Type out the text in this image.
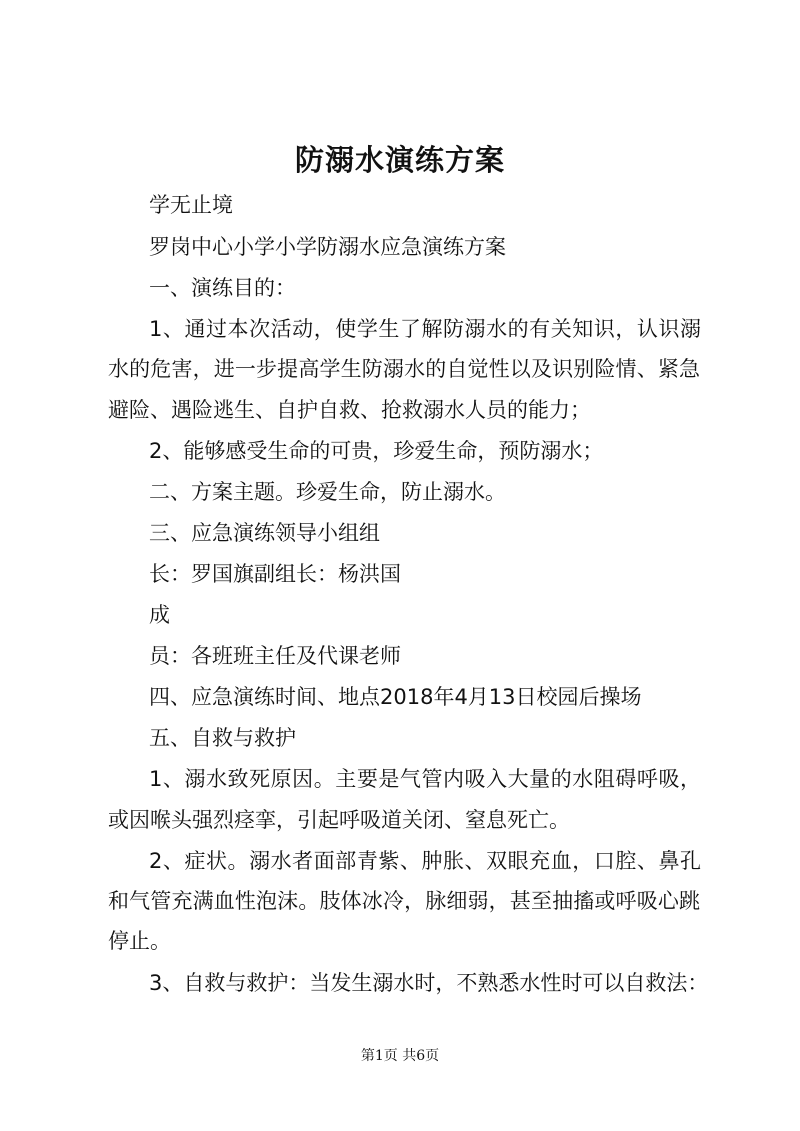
防溺水演练方案
学无止境
罗岗中心小学小学防溺水应急演练方案
一、演练目的：
1、通过本次活动，使学生了解防溺水的有关知识，认识溺
水的危害，进一步提高学生防溺水的自觉性以及识别险情、紧急
避险、遇险逃生、自护自救、抢救溺水人员的能力；
2、能够感受生命的可贵，珍爱生命，预防溺水；
二、方案主题。珍爱生命，防止溺水。
三、应急演练领导小组组
长：罗国旗副组长：杨洪国
成
员：各班班主任及代课老师
四、应急演练时间、地点2018年4月13日校园后操场
五、自救与救护
1、溺水致死原因。主要是气管内吸入大量的水阻碍呼吸，
或因喉头强烈痉挛，引起呼吸道关闭、窒息死亡。
2、症状。溺水者面部青紫、肿胀、双眼充血，口腔、鼻孔
和气管充满血性泡沫。肢体冰冷，脉细弱，甚至抽搐或呼吸心跳
停止。
3、自救与救护：当发生溺水时，不熟悉水性时可以自救法：
第1页 共6页
